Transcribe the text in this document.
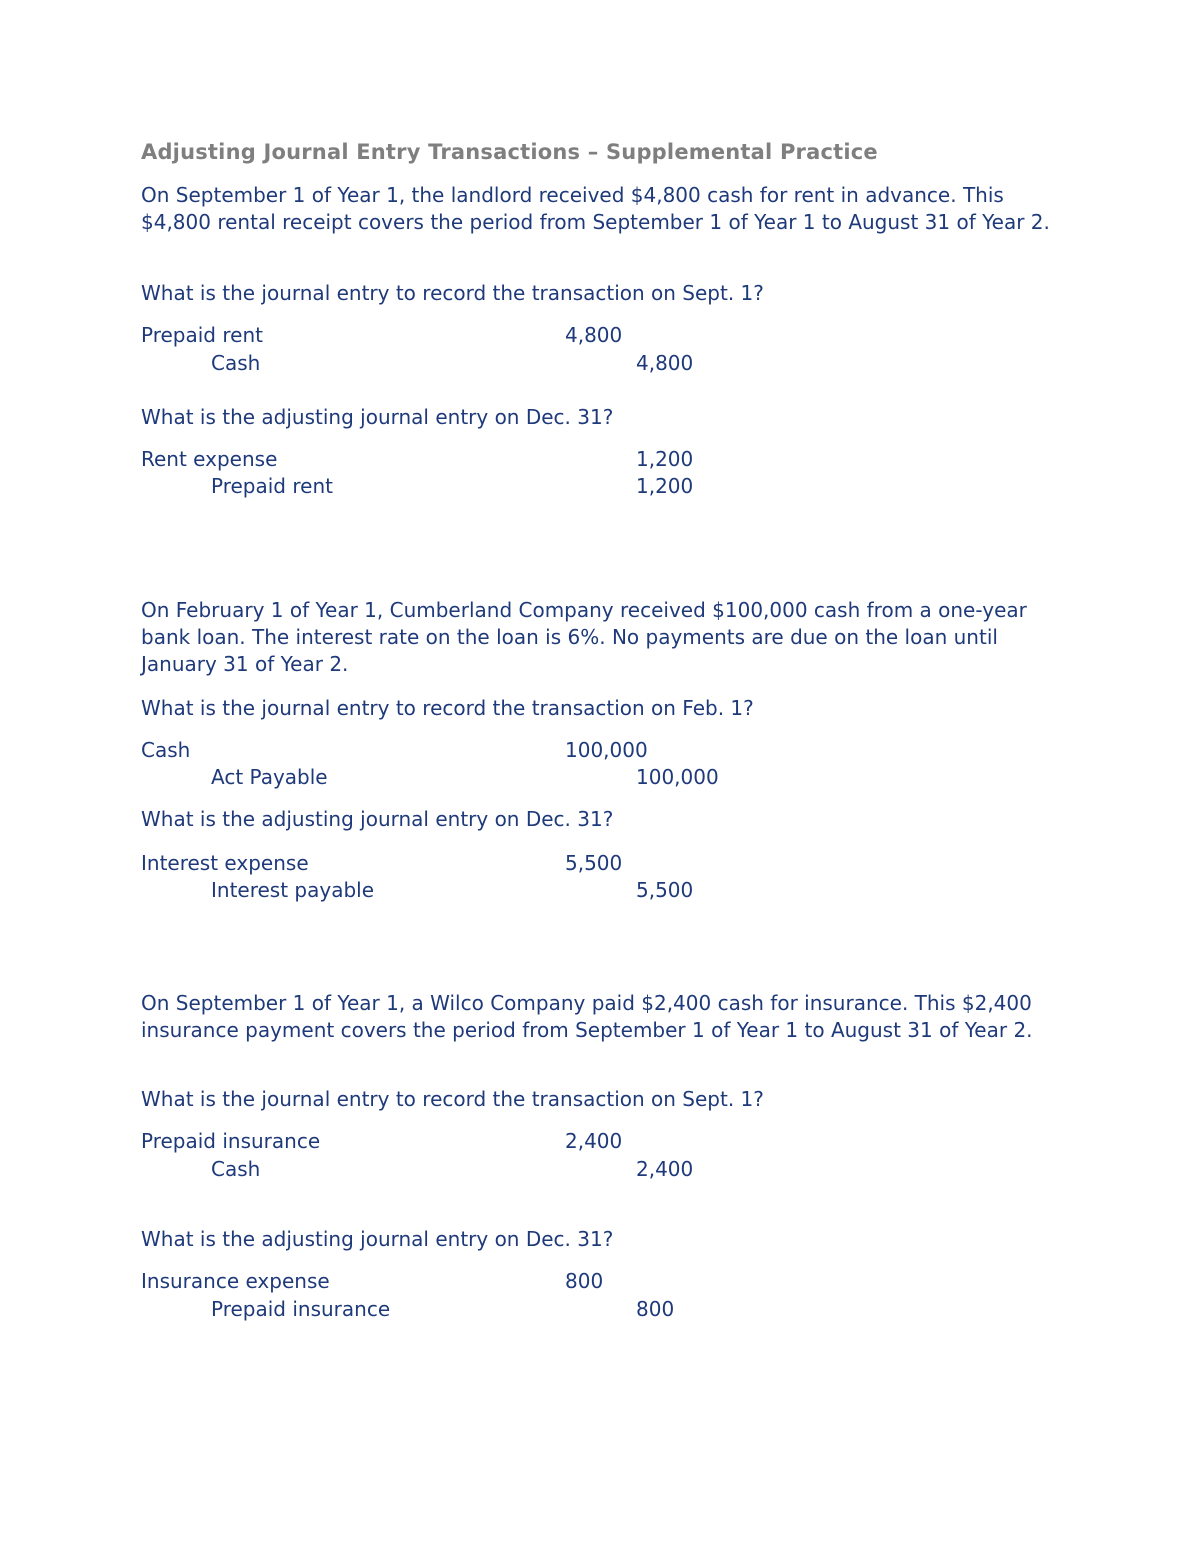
Adjusting Journal Entry Transactions – Supplemental Practice
On September 1 of Year 1, the landlord received $4,800 cash for rent in advance. This $4,800 rental receipt covers the period from September 1 of Year 1 to August 31 of Year 2.
What is the journal entry to record the transaction on Sept. 1?
Prepaid rent	4,800
Cash	4,800
What is the adjusting journal entry on Dec. 31?
Rent expense	1,200
Prepaid rent	1,200
On February 1 of Year 1, Cumberland Company received $100,000 cash from a one-year bank loan. The interest rate on the loan is 6%. No payments are due on the loan until January 31 of Year 2.
What is the journal entry to record the transaction on Feb. 1?
Cash	100,000
Act Payable	100,000
What is the adjusting journal entry on Dec. 31?
Interest expense	5,500
Interest payable	5,500
On September 1 of Year 1, a Wilco Company paid $2,400 cash for insurance. This $2,400 insurance payment covers the period from September 1 of Year 1 to August 31 of Year 2.
What is the journal entry to record the transaction on Sept. 1?
Prepaid insurance	2,400
Cash	2,400
What is the adjusting journal entry on Dec. 31?
Insurance expense	800
Prepaid insurance	800
